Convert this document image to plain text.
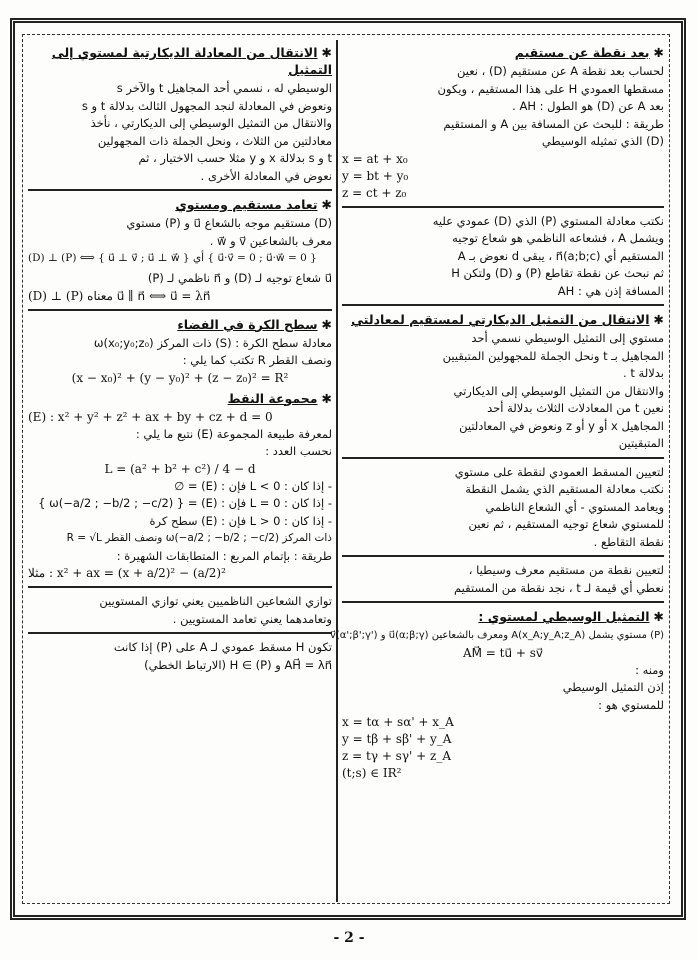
✱بعد نقطة عن مستقيم
لحساب بعد نقطة A عن مستقيم (D) ، نعين
مسقطها العمودي H على هذا المستقيم ، ويكون
بعد A عن (D) هو الطول : AH .
طريقة : للبحث عن المسافة بين A و المستقيم
(D) الذي تمثيله الوسيطي
x = at + x₀
y = bt + y₀
z = ct + z₀
نكتب معادلة المستوي (P) الذي (D) عمودي عليه
ويشمل A ، فشعاعه الناظمي هو شعاع توجيه
المستقيم أي n⃗(a;b;c) ، يبقى d نعوض بـ A
ثم نبحث عن نقطة تقاطع (P) و (D) ولتكن H
المسافة إذن هي : AH
✱الانتقال من التمثيل الديكارتي لمستقيم لمعادلتي
مستوي إلى التمثيل الوسيطي نسمي أحد
المجاهيل بـ t ونحل الجملة للمجهولين المتبقيين
بدلالة t .
والانتقال من التمثيل الوسيطي إلى الديكارتي
نعين t من المعادلات الثلاث بدلالة أحد
المجاهيل x أو y أو z ونعوض في المعادلتين
المتبقيتين
لتعيين المسقط العمودي لنقطة على مستوي
نكتب معادلة المستقيم الذي يشمل النقطة
ويعامد المستوي - أي الشعاع الناظمي
للمستوي شعاع توجيه المستقيم ، ثم نعين
نقطة التقاطع .
لتعيين نقطة من مستقيم معرف وسيطيا ،
نعطي أي قيمة لـ t ، نجد نقطة من المستقيم
✱التمثيل الوسيطي لمستوي :
(P) مستوي يشمل A(x_A;y_A;z_A) ومعرف بالشعاعين u⃗(α;β;γ) و v⃗(α';β';γ')
AM⃗ = tu⃗ + sv⃗
ومنه :
إذن التمثيل الوسيطي
للمستوي هو :
x = tα + sα' + x_A
y = tβ + sβ' + y_A
z = tγ + sγ' + z_A
(t;s) ∈ IR²
✱الانتقال من المعادلة الديكارتية لمستوي إلى التمثيل
الوسيطي له ، نسمي أحد المجاهيل t والآخر s
ونعوض في المعادلة لنجد المجهول الثالث بدلالة t و s
والانتقال من التمثيل الوسيطي إلى الديكارتي ، نأخذ
معادلتين من الثلاث ، ونحل الجملة ذات المجهولين
t و s بدلالة x و y مثلا حسب الاختيار ، ثم
نعوض في المعادلة الأخرى .
✱تعامد مستقيم ومستوي
(D) مستقيم موجه بالشعاع u⃗ و (P) مستوي
معرف بالشعاعين v⃗ و w⃗ .
(D) ⊥ (P) ⟺ { u⃗ ⊥ v⃗ ; u⃗ ⊥ w⃗ } أي { u⃗·v⃗ = 0 ; u⃗·w⃗ = 0 }
u⃗ شعاع توجيه لـ (D) و n⃗ ناظمي لـ (P)
(D) ⊥ (P) معناه u⃗ ∥ n⃗ ⟺ u⃗ = λn⃗
✱سطح الكرة في الفضاء
معادلة سطح الكرة : (S) ذات المركز ω(x₀;y₀;z₀)
ونصف القطر R تكتب كما يلي :
(x − x₀)² + (y − y₀)² + (z − z₀)² = R²
✱مجموعة النقط
(E) : x² + y² + z² + ax + by + cz + d = 0
لمعرفة طبيعة المجموعة (E) نتبع ما يلي :
نحسب العدد :
L = (a² + b² + c²) / 4 − d
- إذا كان : L < 0 فإن : (E) = ∅
- إذا كان : L = 0 فإن : (E) = { ω(−a/2 ; −b/2 ; −c/2) }
- إذا كان : L > 0 فإن : (E) سطح كرة
ذات المركز ω(−a/2 ; −b/2 ; −c/2) ونصف القطر R = √L
طريقة : بإتمام المربع : المتطابقات الشهيرة :
مثلا : x² + ax = (x + a/2)² − (a/2)²
توازي الشعاعين الناظميين يعني توازي المستويين
وتعامدهما يعني تعامد المستويين .
تكون H مسقط عمودي لـ A على (P) إذا كانت
AH⃗ = λn⃗ و H ∈ (P) (الارتباط الخطي)
- 2 -
